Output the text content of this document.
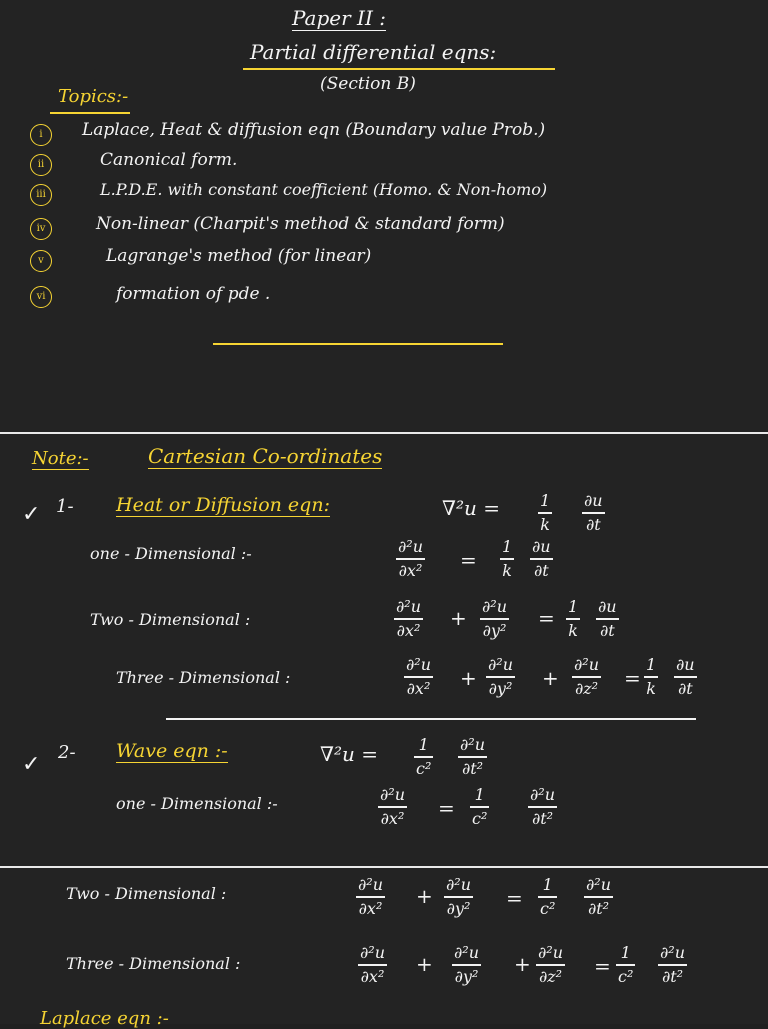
Paper II :
Partial differential eqns:
(Section B)
Topics:-
i	Laplace, Heat & diffusion eqn (Boundary value Prob.)
ii	Canonical form.
iii	L.P.D.E. with constant coefficient (Homo. & Non-homo)
iv	Non-linear (Charpit's method & standard form)
v	Lagrange's method (for linear)
vi	formation of pde .
Note:-	Cartesian Co-ordinates
✓ 1- Heat or Diffusion eqn:	∇²u =	1
k
∂u
∂t
one - Dimensional :-	∂²u
∂x² =
1
k
∂u
∂t
Two - Dimensional :
∂²u
∂x² + ∂²u
∂y² = 1
k
∂u
∂t
Three - Dimensional :
∂²u
∂x² +
∂²u
∂y² +
∂²u
∂z² =
1
k
∂u
∂t
✓ 2- Wave eqn :-	∇²u =	1
c²
∂²u
∂t²
one - Dimensional :-	∂²u
∂x² =
1
c²
∂²u
∂t²
Two - Dimensional :	∂²u
∂x² + ∂²u
∂y² =
1
c²
∂²u
∂t²
Three - Dimensional :
∂²u
∂x² + ∂²u
∂y² + ∂²u
∂z² =
1
c²
∂²u
∂t²
Laplace eqn :-
